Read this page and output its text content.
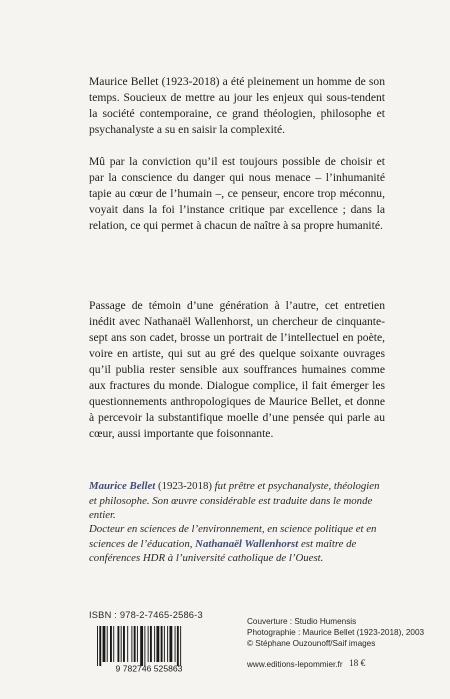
Maurice Bellet (1923-2018) a été pleinement un homme de son temps. Soucieux de mettre au jour les enjeux qui sous-tendent la société contemporaine, ce grand théologien, philosophe et psychanalyste a su en saisir la complexité.

Mû par la conviction qu’il est toujours possible de choisir et par la conscience du danger qui nous menace – l’inhumanité tapie au cœur de l’humain –, ce penseur, encore trop méconnu, voyait dans la foi l’instance critique par excellence ; dans la relation, ce qui permet à chacun de naître à sa propre humanité.

Passage de témoin d’une génération à l’autre, cet entretien inédit avec Nathanaël Wallenhorst, un chercheur de cinquante-sept ans son cadet, brosse un portrait de l’intellectuel en poète, voire en artiste, qui sut au gré des quelque soixante ouvrages qu’il publia rester sensible aux souffrances humaines comme aux fractures du monde. Dialogue complice, il fait émerger les questionnements anthropologiques de Maurice Bellet, et donne à percevoir la substantifique moelle d’une pensée qui parle au cœur, aussi importante que foisonnante.

Maurice Bellet (1923-2018) fut prêtre et psychanalyste, théologien et philosophe. Son œuvre considérable est traduite dans le monde entier.
Docteur en sciences de l’environnement, en science politique et en sciences de l’éducation, Nathanaël Wallenhorst est maître de conférences HDR à l’université catholique de l’Ouest.
ISBN : 978-2-7465-2586-3
9 782746 525863
Couverture : Studio Humensis
Photographie : Maurice Bellet (1923-2018), 2003
© Stéphane Ouzounoff/Saif images
www.editions-lepommier.fr 18 €
